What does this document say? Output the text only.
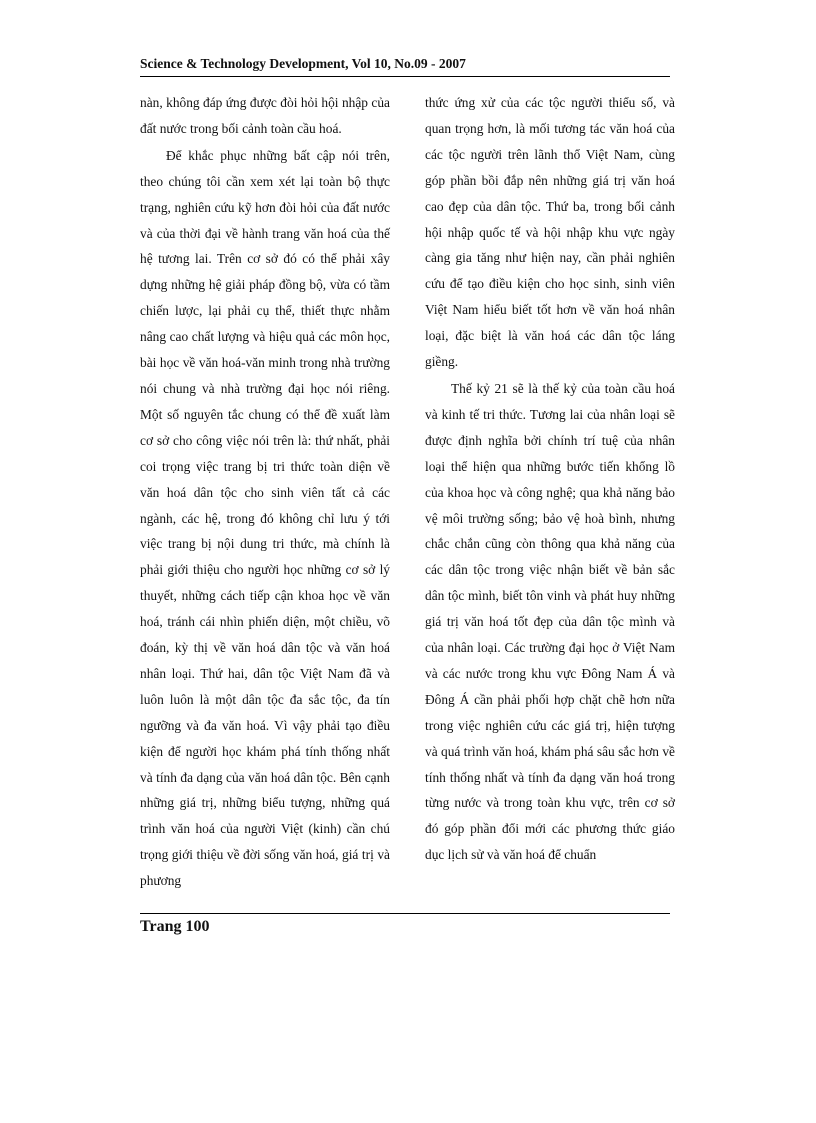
Science & Technology Development, Vol 10, No.09 - 2007

nàn, không đáp ứng được đòi hỏi hội nhập của đất nước trong bối cảnh toàn cầu hoá.

Để khắc phục những bất cập nói trên, theo chúng tôi cần xem xét lại toàn bộ thực trạng, nghiên cứu kỹ hơn đòi hỏi của đất nước và của thời đại về hành trang văn hoá của thế hệ tương lai. Trên cơ sở đó có thể phải xây dựng những hệ giải pháp đồng bộ, vừa có tầm chiến lược, lại phải cụ thể, thiết thực nhằm nâng cao chất lượng và hiệu quả các môn học, bài học về văn hoá-văn minh trong nhà trường nói chung và nhà trường đại học nói riêng. Một số nguyên tắc chung có thể đề xuất làm cơ sở cho công việc nói trên là: thứ nhất, phải coi trọng việc trang bị tri thức toàn diện về văn hoá dân tộc cho sinh viên tất cả các ngành, các hệ, trong đó không chỉ lưu ý tới việc trang bị nội dung tri thức, mà chính là phải giới thiệu cho người học những cơ sở lý thuyết, những cách tiếp cận khoa học về văn hoá, tránh cái nhìn phiến diện, một chiều, võ đoán, kỳ thị về văn hoá dân tộc và văn hoá nhân loại. Thứ hai, dân tộc Việt Nam đã và luôn luôn là một dân tộc đa sắc tộc, đa tín ngưỡng và đa văn hoá. Vì vậy phải tạo điều kiện để người học khám phá tính thống nhất và tính đa dạng của văn hoá dân tộc. Bên cạnh những giá trị, những biểu tượng, những quá trình văn hoá của người Việt (kinh) cần chú trọng giới thiệu về đời sống văn hoá, giá trị và phương

thức ứng xử của các tộc người thiểu số, và quan trọng hơn, là mối tương tác văn hoá của các tộc người trên lãnh thổ Việt Nam, cùng góp phần bồi đắp nên những giá trị văn hoá cao đẹp của dân tộc. Thứ ba, trong bối cảnh hội nhập quốc tế và hội nhập khu vực ngày càng gia tăng như hiện nay, cần phải nghiên cứu để tạo điều kiện cho học sinh, sinh viên Việt Nam hiểu biết tốt hơn về văn hoá nhân loại, đặc biệt là văn hoá các dân tộc láng giềng.

Thế kỷ 21 sẽ là thế kỷ của toàn cầu hoá và kinh tế tri thức. Tương lai của nhân loại sẽ được định nghĩa bởi chính trí tuệ của nhân loại thể hiện qua những bước tiến khổng lồ của khoa học và công nghệ; qua khả năng bảo vệ môi trường sống; bảo vệ hoà bình, nhưng chắc chắn cũng còn thông qua khả năng của các dân tộc trong việc nhận biết về bản sắc dân tộc mình, biết tôn vinh và phát huy những giá trị văn hoá tốt đẹp của dân tộc mình và của nhân loại. Các trường đại học ở Việt Nam và các nước trong khu vực Đông Nam Á và Đông Á cần phải phối hợp chặt chẽ hơn nữa trong việc nghiên cứu các giá trị, hiện tượng và quá trình văn hoá, khám phá sâu sắc hơn về tính thống nhất và tính đa dạng văn hoá trong từng nước và trong toàn khu vực, trên cơ sở đó góp phần đổi mới các phương thức giáo dục lịch sử và văn hoá để chuẩn

Trang 100
